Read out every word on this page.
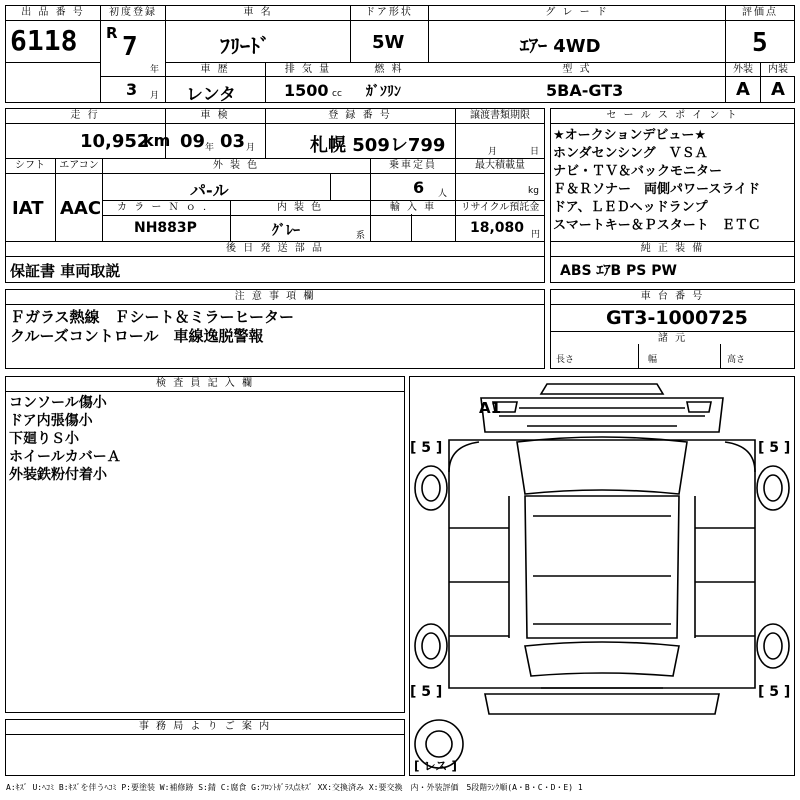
出 品 番 号
6118
初度登録
R 7
年
3 月
車 名
ﾌﾘｰﾄﾞ
ドア形状
5W
グ レ ー ド
ｴｱｰ 4WD
評価点
5
車 歴
レンタ
排 気 量
1500 cc
燃 料
ｶﾞｿﾘﾝ
型 式
5BA-GT3
外装	内装
A A
走 行
10,952
km
車 検
09 年 03 月
登 録 番 号
札幌 509レ799
譲渡書類期限
月	日
シフト	エアコン
IAT AAC
外 装 色
パ-ル
乗車定員
6 人
最大積載量
kg
カ ラ ー Ｎ ｏ ．
NH883P
内 装 色
ｸﾞﾚｰ	系
輸 入 車	リサイクル預託金
18,080 円
後 日 発 送 部 品
保証書 車両取説
セ ー ル ス ポ イ ン ト
★オークションデビュー★
ホンダセンシング　ＶＳＡ
ナビ・ＴＶ＆バックモニター
Ｆ＆Ｒソナー　両側パワースライド
ドア、ＬＥＤヘッドランプ
スマートキー＆Ｐスタート　ＥＴＣ
純 正 装 備
ABS ｴｱB PS PW
注 意 事 項 欄
Ｆガラス熱線　Ｆシート＆ミラーヒーター
クルーズコントロール　車線逸脱警報
車 台 番 号
GT3-1000725
諸 元
長さ	幅	高さ
検 査 員 記 入 欄
コンソール傷小
ドア内張傷小
下廻りＳ小
ホイールカバーＡ
外装鉄粉付着小
事 務 局 よ り ご 案 内
A1
[ 5 ]	[ 5 ]
[ 5 ]	[ 5 ]
[ レス ]
A:ｷｽﾞ U:ﾍｺﾐ B:ｷｽﾞを伴うﾍｺﾐ P:要塗装 W:補修跡 S:錆 C:腐食 G:ﾌﾛﾝﾄｶﾞﾗｽ点ｷｽﾞ XX:交換済み X:要交換　内・外装評価　5段階ﾗﾝｸ順(A・B・C・D・E) 1
